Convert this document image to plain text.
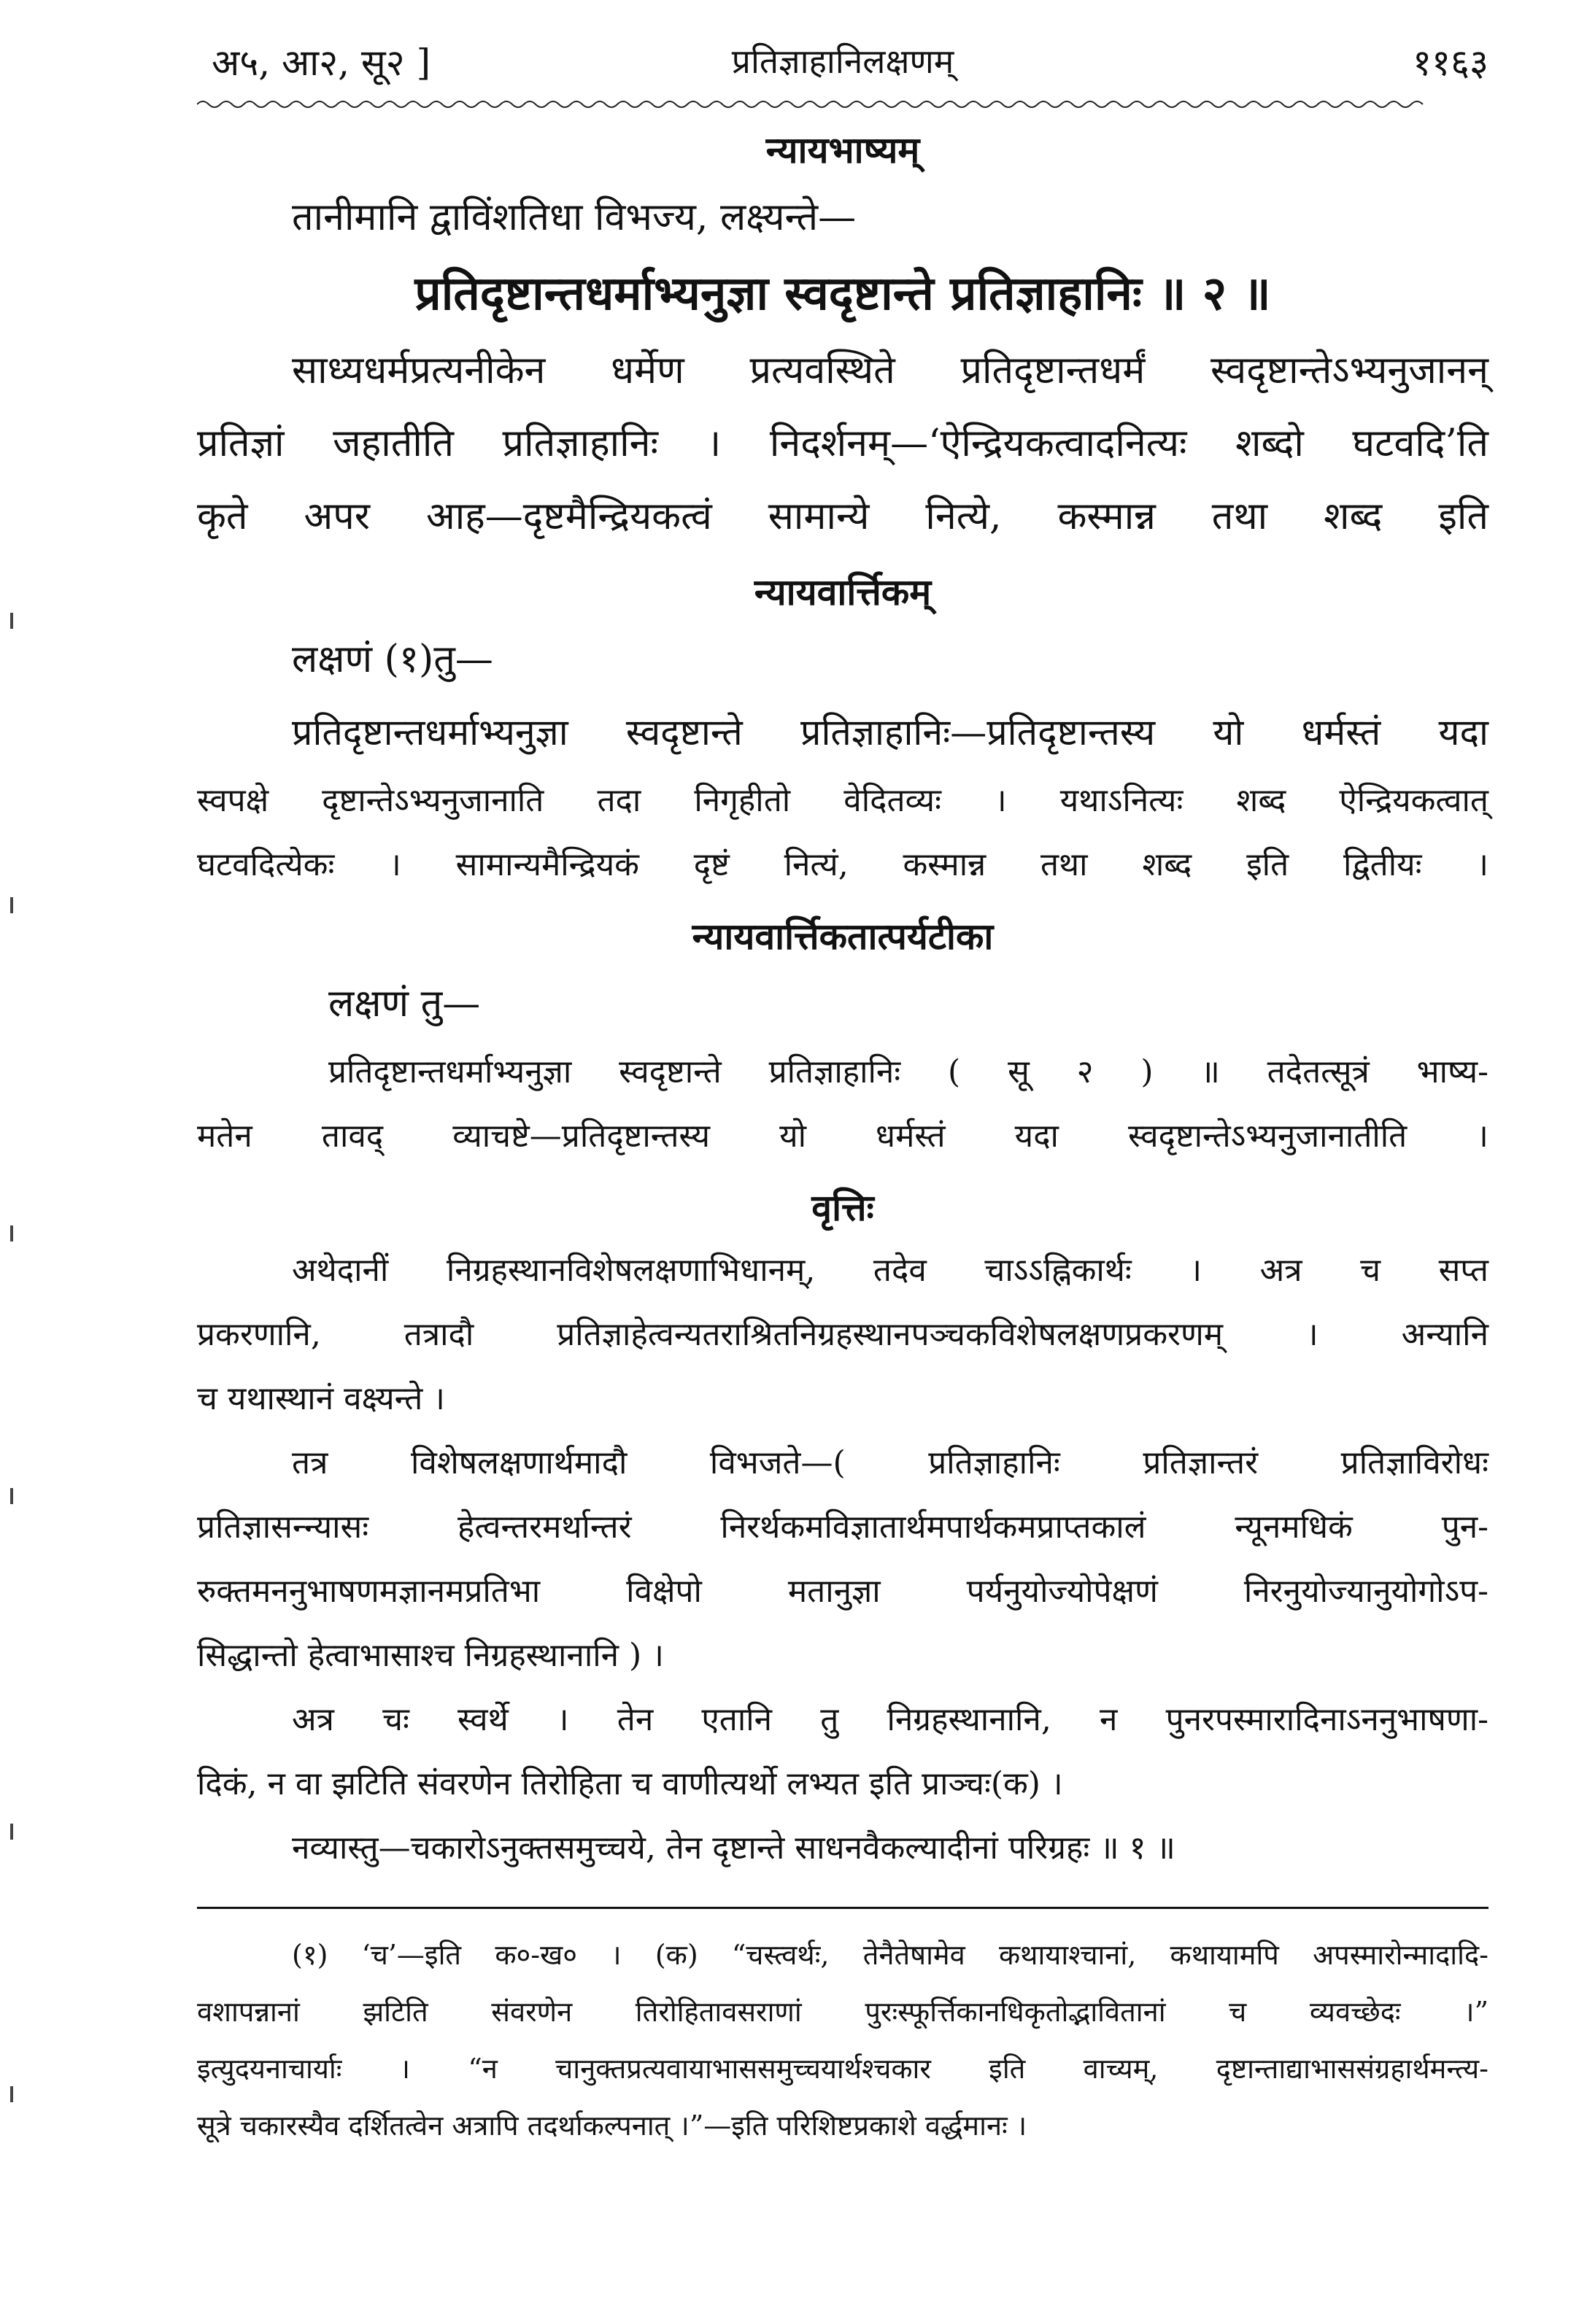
अ५, आ२, सू२ ]	प्रतिज्ञाहानिलक्षणम्	११६३
न्यायभाष्यम्
तानीमानि द्वाविंशतिधा विभज्य, लक्ष्यन्ते—
प्रतिदृष्टान्तधर्माभ्यनुज्ञा स्वदृष्टान्ते प्रतिज्ञाहानिः ॥ २ ॥
साध्यधर्मप्रत्यनीकेन धर्मेण प्रत्यवस्थिते प्रतिदृष्टान्तधर्मं स्वदृष्टान्तेऽभ्यनुजानन्
प्रतिज्ञां जहातीति प्रतिज्ञाहानिः । निदर्शनम्—‘ऐन्द्रियकत्वादनित्यः शब्दो घटवदि’ति
कृते अपर आह—दृष्टमैन्द्रियकत्वं सामान्ये नित्ये, कस्मान्न तथा शब्द इति
न्यायवार्त्तिकम्
लक्षणं (१)तु—
प्रतिदृष्टान्तधर्माभ्यनुज्ञा स्वदृष्टान्ते प्रतिज्ञाहानिः—प्रतिदृष्टान्तस्य यो धर्मस्तं यदा
स्वपक्षे दृष्टान्तेऽभ्यनुजानाति तदा निगृहीतो वेदितव्यः । यथाऽनित्यः शब्द ऐन्द्रियकत्वात्
घटवदित्येकः । सामान्यमैन्द्रियकं दृष्टं नित्यं, कस्मान्न तथा शब्द इति द्वितीयः ।
न्यायवार्त्तिकतात्पर्यटीका
लक्षणं तु—
प्रतिदृष्टान्तधर्माभ्यनुज्ञा स्वदृष्टान्ते प्रतिज्ञाहानिः ( सू २ ) ॥ तदेतत्सूत्रं भाष्य-
मतेन तावद् व्याचष्टे—प्रतिदृष्टान्तस्य यो धर्मस्तं यदा स्वदृष्टान्तेऽभ्यनुजानातीति ।
वृत्तिः
अथेदानीं निग्रहस्थानविशेषलक्षणाभिधानम्, तदेव चाऽऽह्निकार्थः । अत्र च सप्त
प्रकरणानि, तत्रादौ प्रतिज्ञाहेत्वन्यतराश्रितनिग्रहस्थानपञ्चकविशेषलक्षणप्रकरणम् । अन्यानि
च यथास्थानं वक्ष्यन्ते ।
तत्र विशेषलक्षणार्थमादौ विभजते—( प्रतिज्ञाहानिः प्रतिज्ञान्तरं प्रतिज्ञाविरोधः
प्रतिज्ञासन्न्यासः हेत्वन्तरमर्थान्तरं निरर्थकमविज्ञातार्थमपार्थकमप्राप्तकालं न्यूनमधिकं पुन-
रुक्तमननुभाषणमज्ञानमप्रतिभा विक्षेपो मतानुज्ञा पर्यनुयोज्योपेक्षणं निरनुयोज्यानुयोगोऽप-
सिद्धान्तो हेत्वाभासाश्च निग्रहस्थानानि ) ।
अत्र चः स्वर्थे । तेन एतानि तु निग्रहस्थानानि, न पुनरपस्मारादिनाऽननुभाषणा-
दिकं, न वा झटिति संवरणेन तिरोहिता च वाणीत्यर्थो लभ्यत इति प्राञ्चः(क) ।
नव्यास्तु—चकारोऽनुक्तसमुच्चये, तेन दृष्टान्ते साधनवैकल्यादीनां परिग्रहः ॥ १ ॥
(१) ‘च’—इति क०-ख० । (क) “चस्त्वर्थः, तेनैतेषामेव कथायाश्चानां, कथायामपि अपस्मारोन्मादादि-
वशापन्नानां झटिति संवरणेन तिरोहितावसराणां पुरःस्फूर्त्तिकानधिकृतोद्भावितानां च व्यवच्छेदः ।”
इत्युदयनाचार्याः । “न चानुक्तप्रत्यवायाभाससमुच्चयार्थश्चकार इति वाच्यम्, दृष्टान्ताद्याभाससंग्रहार्थमन्त्य-
सूत्रे चकारस्यैव दर्शितत्वेन अत्रापि तदर्थाकल्पनात् ।”—इति परिशिष्टप्रकाशे वर्द्धमानः ।
